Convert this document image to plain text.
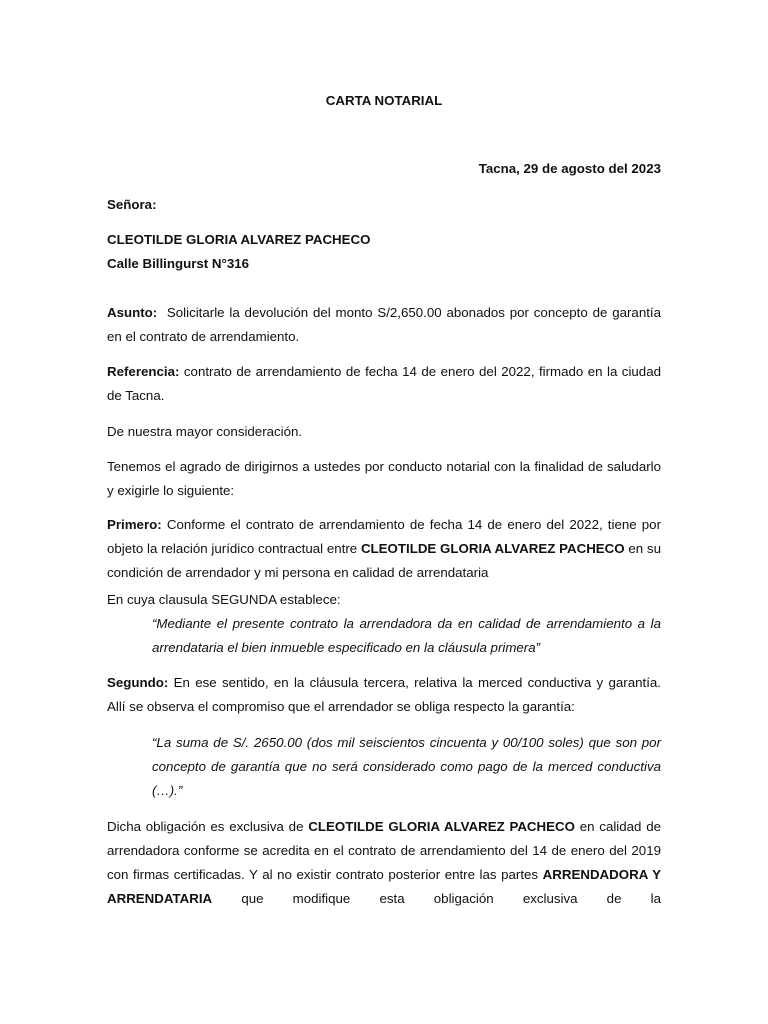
CARTA NOTARIAL

Tacna, 29 de agosto del 2023

Señora:

CLEOTILDE GLORIA ALVAREZ PACHECO

Calle Billingurst N°316

Asunto: Solicitarle la devolución del monto S/2,650.00 abonados por concepto de garantía en el contrato de arrendamiento.

Referencia: contrato de arrendamiento de fecha 14 de enero del 2022, firmado en la ciudad de Tacna.

De nuestra mayor consideración.

Tenemos el agrado de dirigirnos a ustedes por conducto notarial con la finalidad de saludarlo y exigirle lo siguiente:

Primero: Conforme el contrato de arrendamiento de fecha 14 de enero del 2022, tiene por objeto la relación jurídico contractual entre CLEOTILDE GLORIA ALVAREZ PACHECO en su condición de arrendador y mi persona en calidad de arrendataria

En cuya clausula SEGUNDA establece:

“Mediante el presente contrato la arrendadora da en calidad de arrendamiento a la arrendataria el bien inmueble especificado en la cláusula primera”

Segundo: En ese sentido, en la cláusula tercera, relativa la merced conductiva y garantía. Allí se observa el compromiso que el arrendador se obliga respecto la garantía:

“La suma de S/. 2650.00 (dos mil seiscientos cincuenta y 00/100 soles) que son por concepto de garantía que no será considerado como pago de la merced conductiva (…).”

Dicha obligación es exclusiva de CLEOTILDE GLORIA ALVAREZ PACHECO en calidad de arrendadora conforme se acredita en el contrato de arrendamiento del 14 de enero del 2019 con firmas certificadas. Y al no existir contrato posterior entre las partes ARRENDADORA Y ARRENDATARIA que modifique esta obligación exclusiva de la
